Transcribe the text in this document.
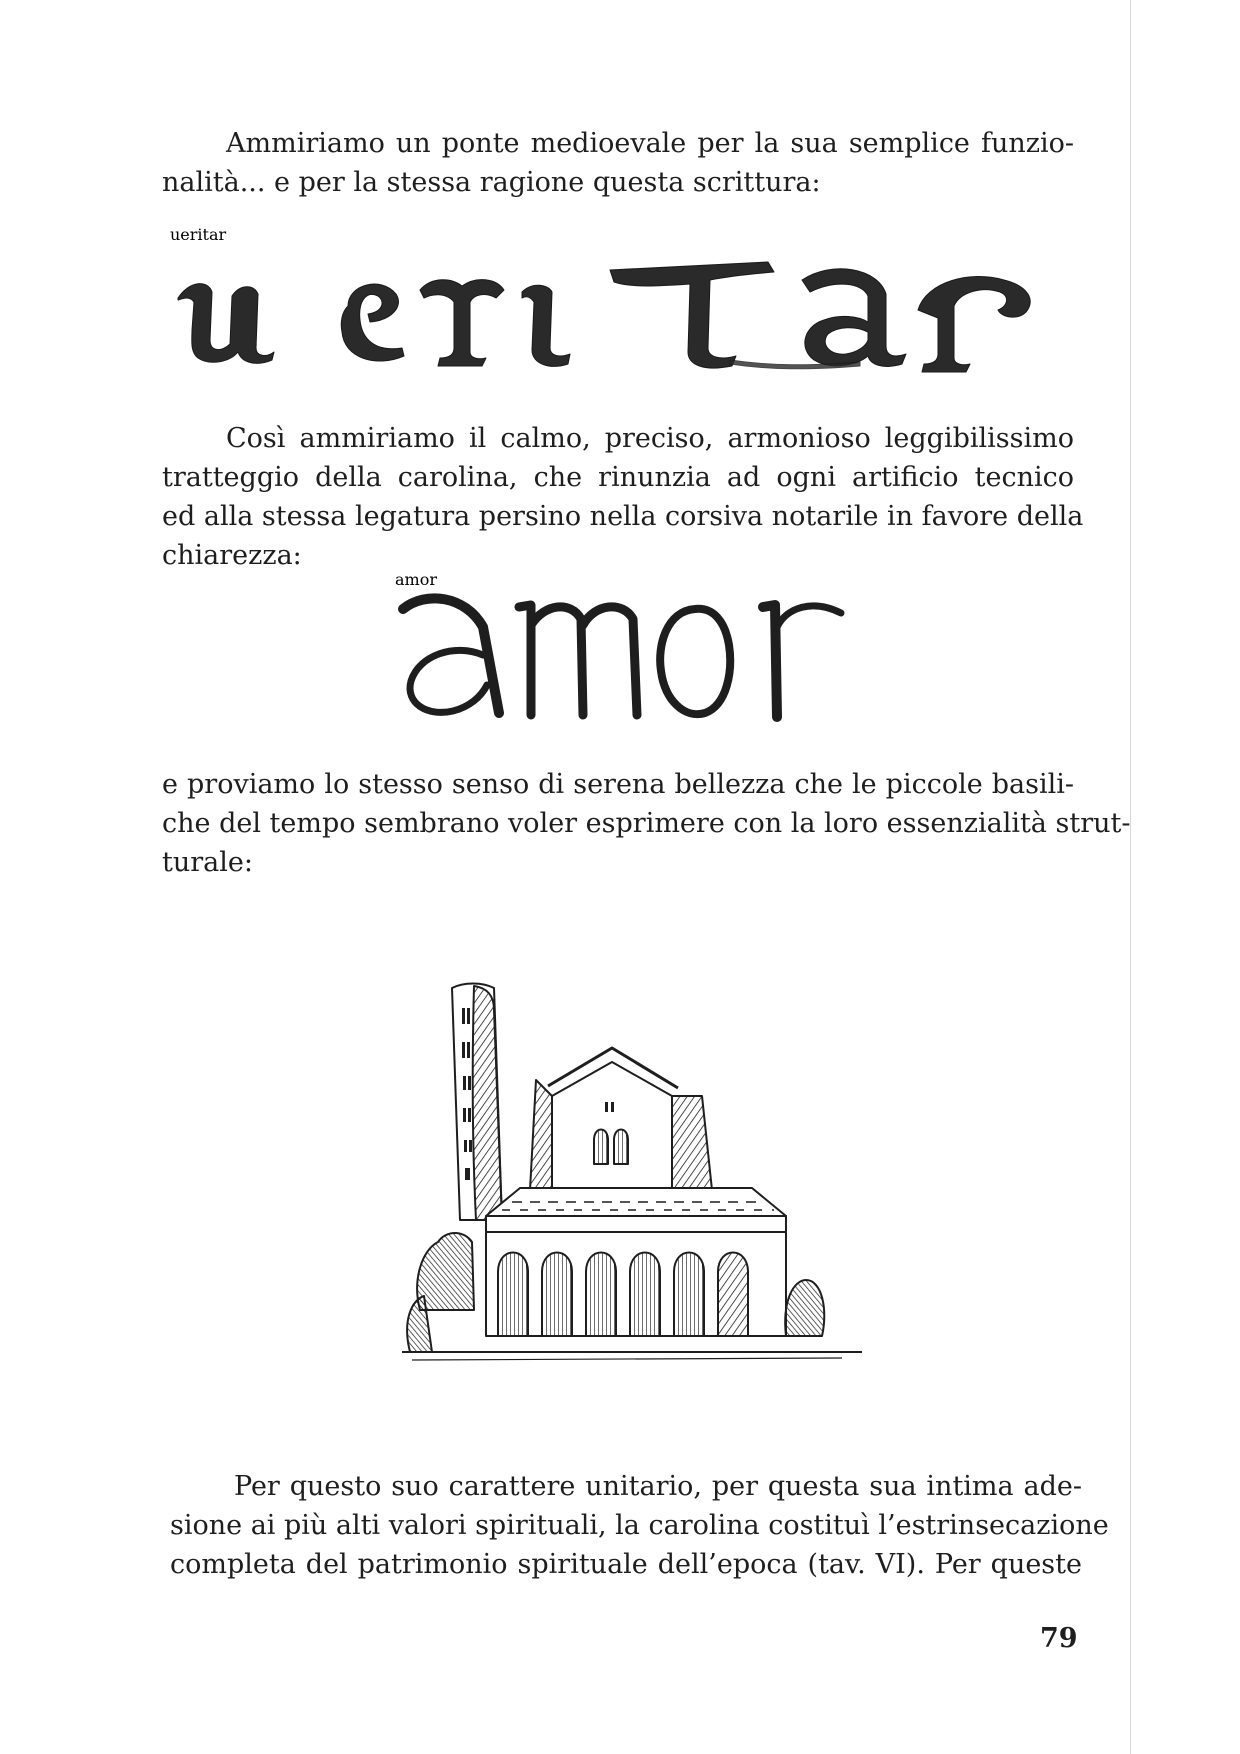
Ammiriamo un ponte medioevale per la sua semplice funzio-
nalità... e per la stessa ragione questa scrittura:

ueritar

Così ammiriamo il calmo, preciso, armonioso leggibilissimo
tratteggio della carolina, che rinunzia ad ogni artificio tecnico
ed alla stessa legatura persino nella corsiva notarile in favore della
chiarezza:

amor

e proviamo lo stesso senso di serena bellezza che le piccole basili-
che del tempo sembrano voler esprimere con la loro essenzialità strut-
turale:

Per questo suo carattere unitario, per questa sua intima ade-
sione ai più alti valori spirituali, la carolina costituì l’estrinsecazione
completa del patrimonio spirituale dell’epoca (tav. VI). Per queste

79
